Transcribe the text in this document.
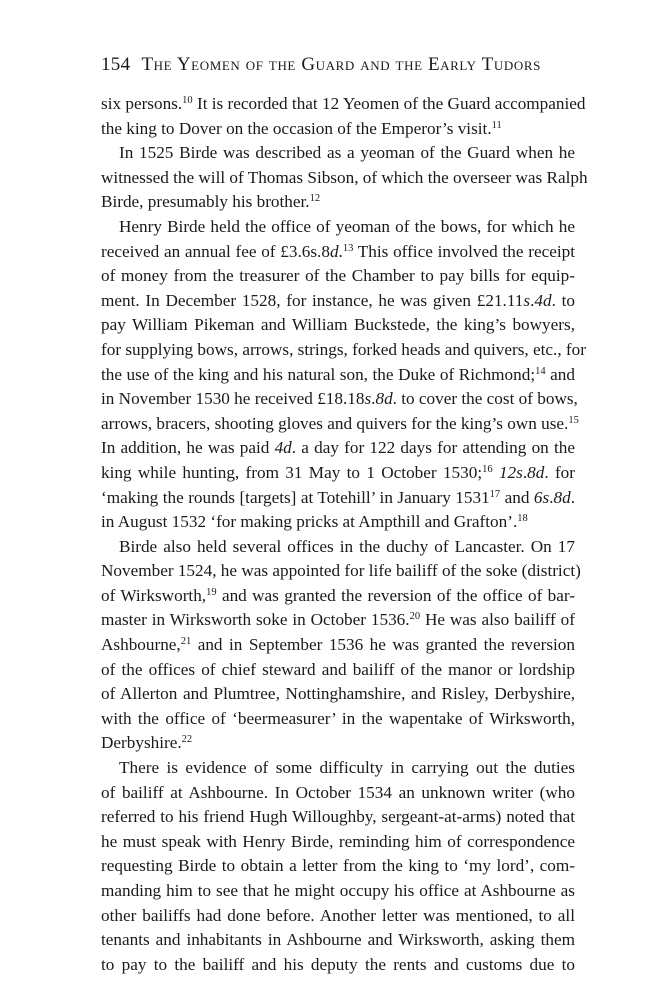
154 The Yeomen of the Guard and the Early Tudors
six persons.$^{10}$ It is recorded that 12 Yeomen of the Guard accompanied
the king to Dover on the occasion of the Emperor’s visit.$^{11}$
In 1525 Birde was described as a yeoman of the Guard when he
witnessed the will of Thomas Sibson, of which the overseer was Ralph
Birde, presumably his brother.$^{12}$
Henry Birde held the office of yeoman of the bows, for which he
received an annual fee of £3.6s.8d.$^{13}$ This office involved the receipt
of money from the treasurer of the Chamber to pay bills for equip-
ment. In December 1528, for instance, he was given £21.11s.4d. to
pay William Pikeman and William Buckstede, the king’s bowyers,
for supplying bows, arrows, strings, forked heads and quivers, etc., for
the use of the king and his natural son, the Duke of Richmond;$^{14}$ and
in November 1530 he received £18.18s.8d. to cover the cost of bows,
arrows, bracers, shooting gloves and quivers for the king’s own use.$^{15}$
In addition, he was paid 4d. a day for 122 days for attending on the
king while hunting, from 31 May to 1 October 1530;$^{16}$ 12s.8d. for
‘making the rounds [targets] at Totehill’ in January 1531$^{17}$ and 6s.8d.
in August 1532 ‘for making pricks at Ampthill and Grafton’.$^{18}$
Birde also held several offices in the duchy of Lancaster. On 17
November 1524, he was appointed for life bailiff of the soke (district)
of Wirksworth,$^{19}$ and was granted the reversion of the office of bar-
master in Wirksworth soke in October 1536.20 He was also bailiff of
Ashbourne,$^{21}$ and in September 1536 he was granted the reversion
of the offices of chief steward and bailiff of the manor or lordship
of Allerton and Plumtree, Nottinghamshire, and Risley, Derbyshire,
with the office of ‘beermeasurer’ in the wapentake of Wirksworth,
Derbyshire.$^{22}$
There is evidence of some difficulty in carrying out the duties
of bailiff at Ashbourne. In October 1534 an unknown writer (who
referred to his friend Hugh Willoughby, sergeant-at-arms) noted that
he must speak with Henry Birde, reminding him of correspondence
requesting Birde to obtain a letter from the king to ‘my lord’, com-
manding him to see that he might occupy his office at Ashbourne as
other bailiffs had done before. Another letter was mentioned, to all
tenants and inhabitants in Ashbourne and Wirksworth, asking them
to pay to the bailiff and his deputy the rents and customs due to
